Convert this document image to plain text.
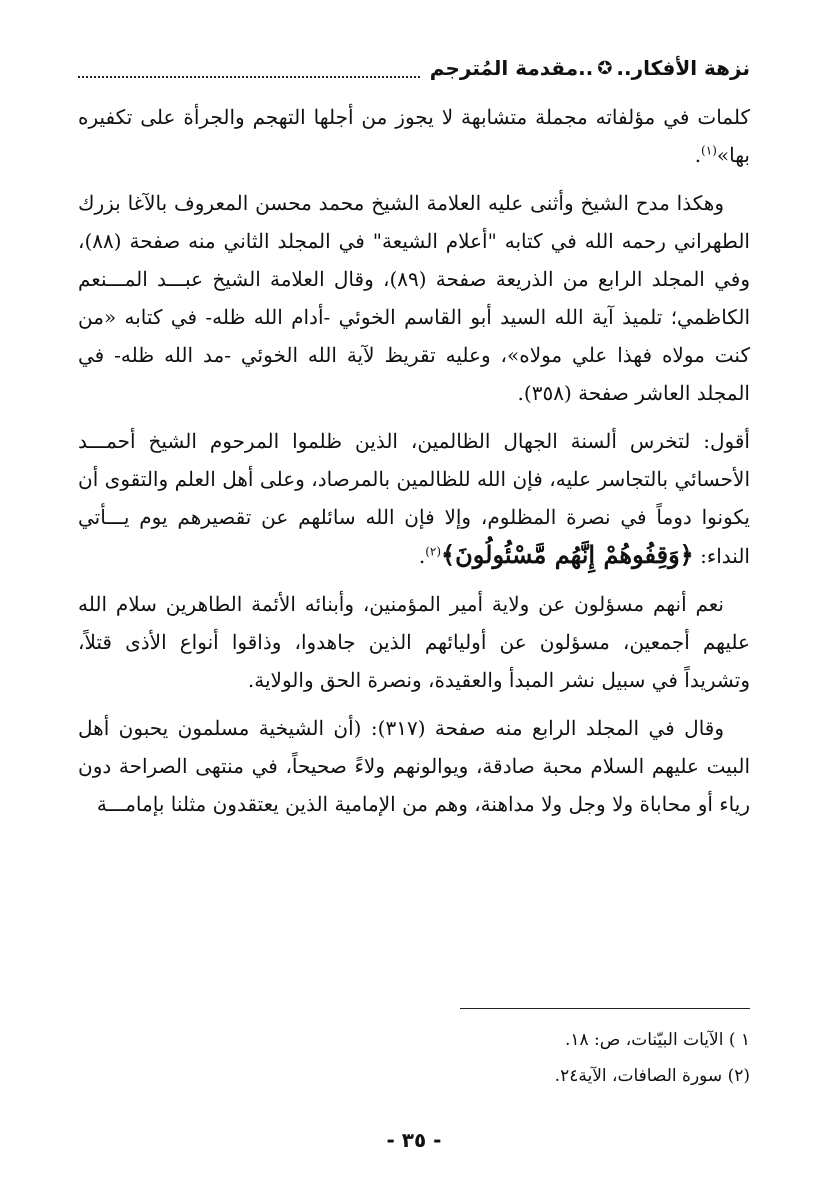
نزهة الأفكار
..
✪
..
مقدمة المُترجم

كلمات في مؤلفاته مجملة متشابهة لا يجوز من أجلها التهجم والجرأة على تكفيره بها»$^{(١)}$.

وهكذا مدح الشيخ وأثنى عليه العلامة الشيخ محمد محسن المعروف بالآغا بزرك الطهراني رحمه الله في كتابه "أعلام الشيعة" في المجلد الثاني منه صفحة (٨٨)، وفي المجلد الرابع من الذريعة صفحة (٨٩)، وقال العلامة الشيخ عبـــد المـــنعم الكاظمي؛ تلميذ آية الله السيد أبو القاسم الخوئي -أدام الله ظله- في كتابه «من كنت مولاه فهذا علي مولاه»، وعليه تقريظ لآية الله الخوئي -مد الله ظله- في المجلد العاشر صفحة (٣٥٨).

أقول: لتخرس ألسنة الجهال الظالمين، الذين ظلموا المرحوم الشيخ أحمـــد الأحسائي بالتجاسر عليه، فإن الله للظالمين بالمرصاد، وعلى أهل العلم والتقوى أن يكونوا دوماً في نصرة المظلوم، وإلا فإن الله سائلهم عن تقصيرهم يوم يـــأتي النداء: ﴿وَقِفُوهُمْ إِنَّهُم مَّسْئُولُونَ﴾$^{(٢)}$.

نعم أنهم مسؤلون عن ولاية أمير المؤمنين، وأبنائه الأئمة الطاهرين سلام الله عليهم أجمعين، مسؤلون عن أوليائهم الذين جاهدوا، وذاقوا أنواع الأذى قتلاً، وتشريداً في سبيل نشر المبدأ والعقيدة، ونصرة الحق والولاية.

وقال في المجلد الرابع منه صفحة (٣١٧): (أن الشيخية مسلمون يحبون أهل البيت عليهم السلام محبة صادقة، ويوالونهم ولاءً صحيحاً، في منتهى الصراحة دون رياء أو محاباة ولا وجل ولا مداهنة، وهم من الإمامية الذين يعتقدون مثلنا بإمامـــة

١ ) الآيات البيّنات، ص: ١٨.

(٢) سورة الصافات، الآية٢٤.

- ٣٥ -
